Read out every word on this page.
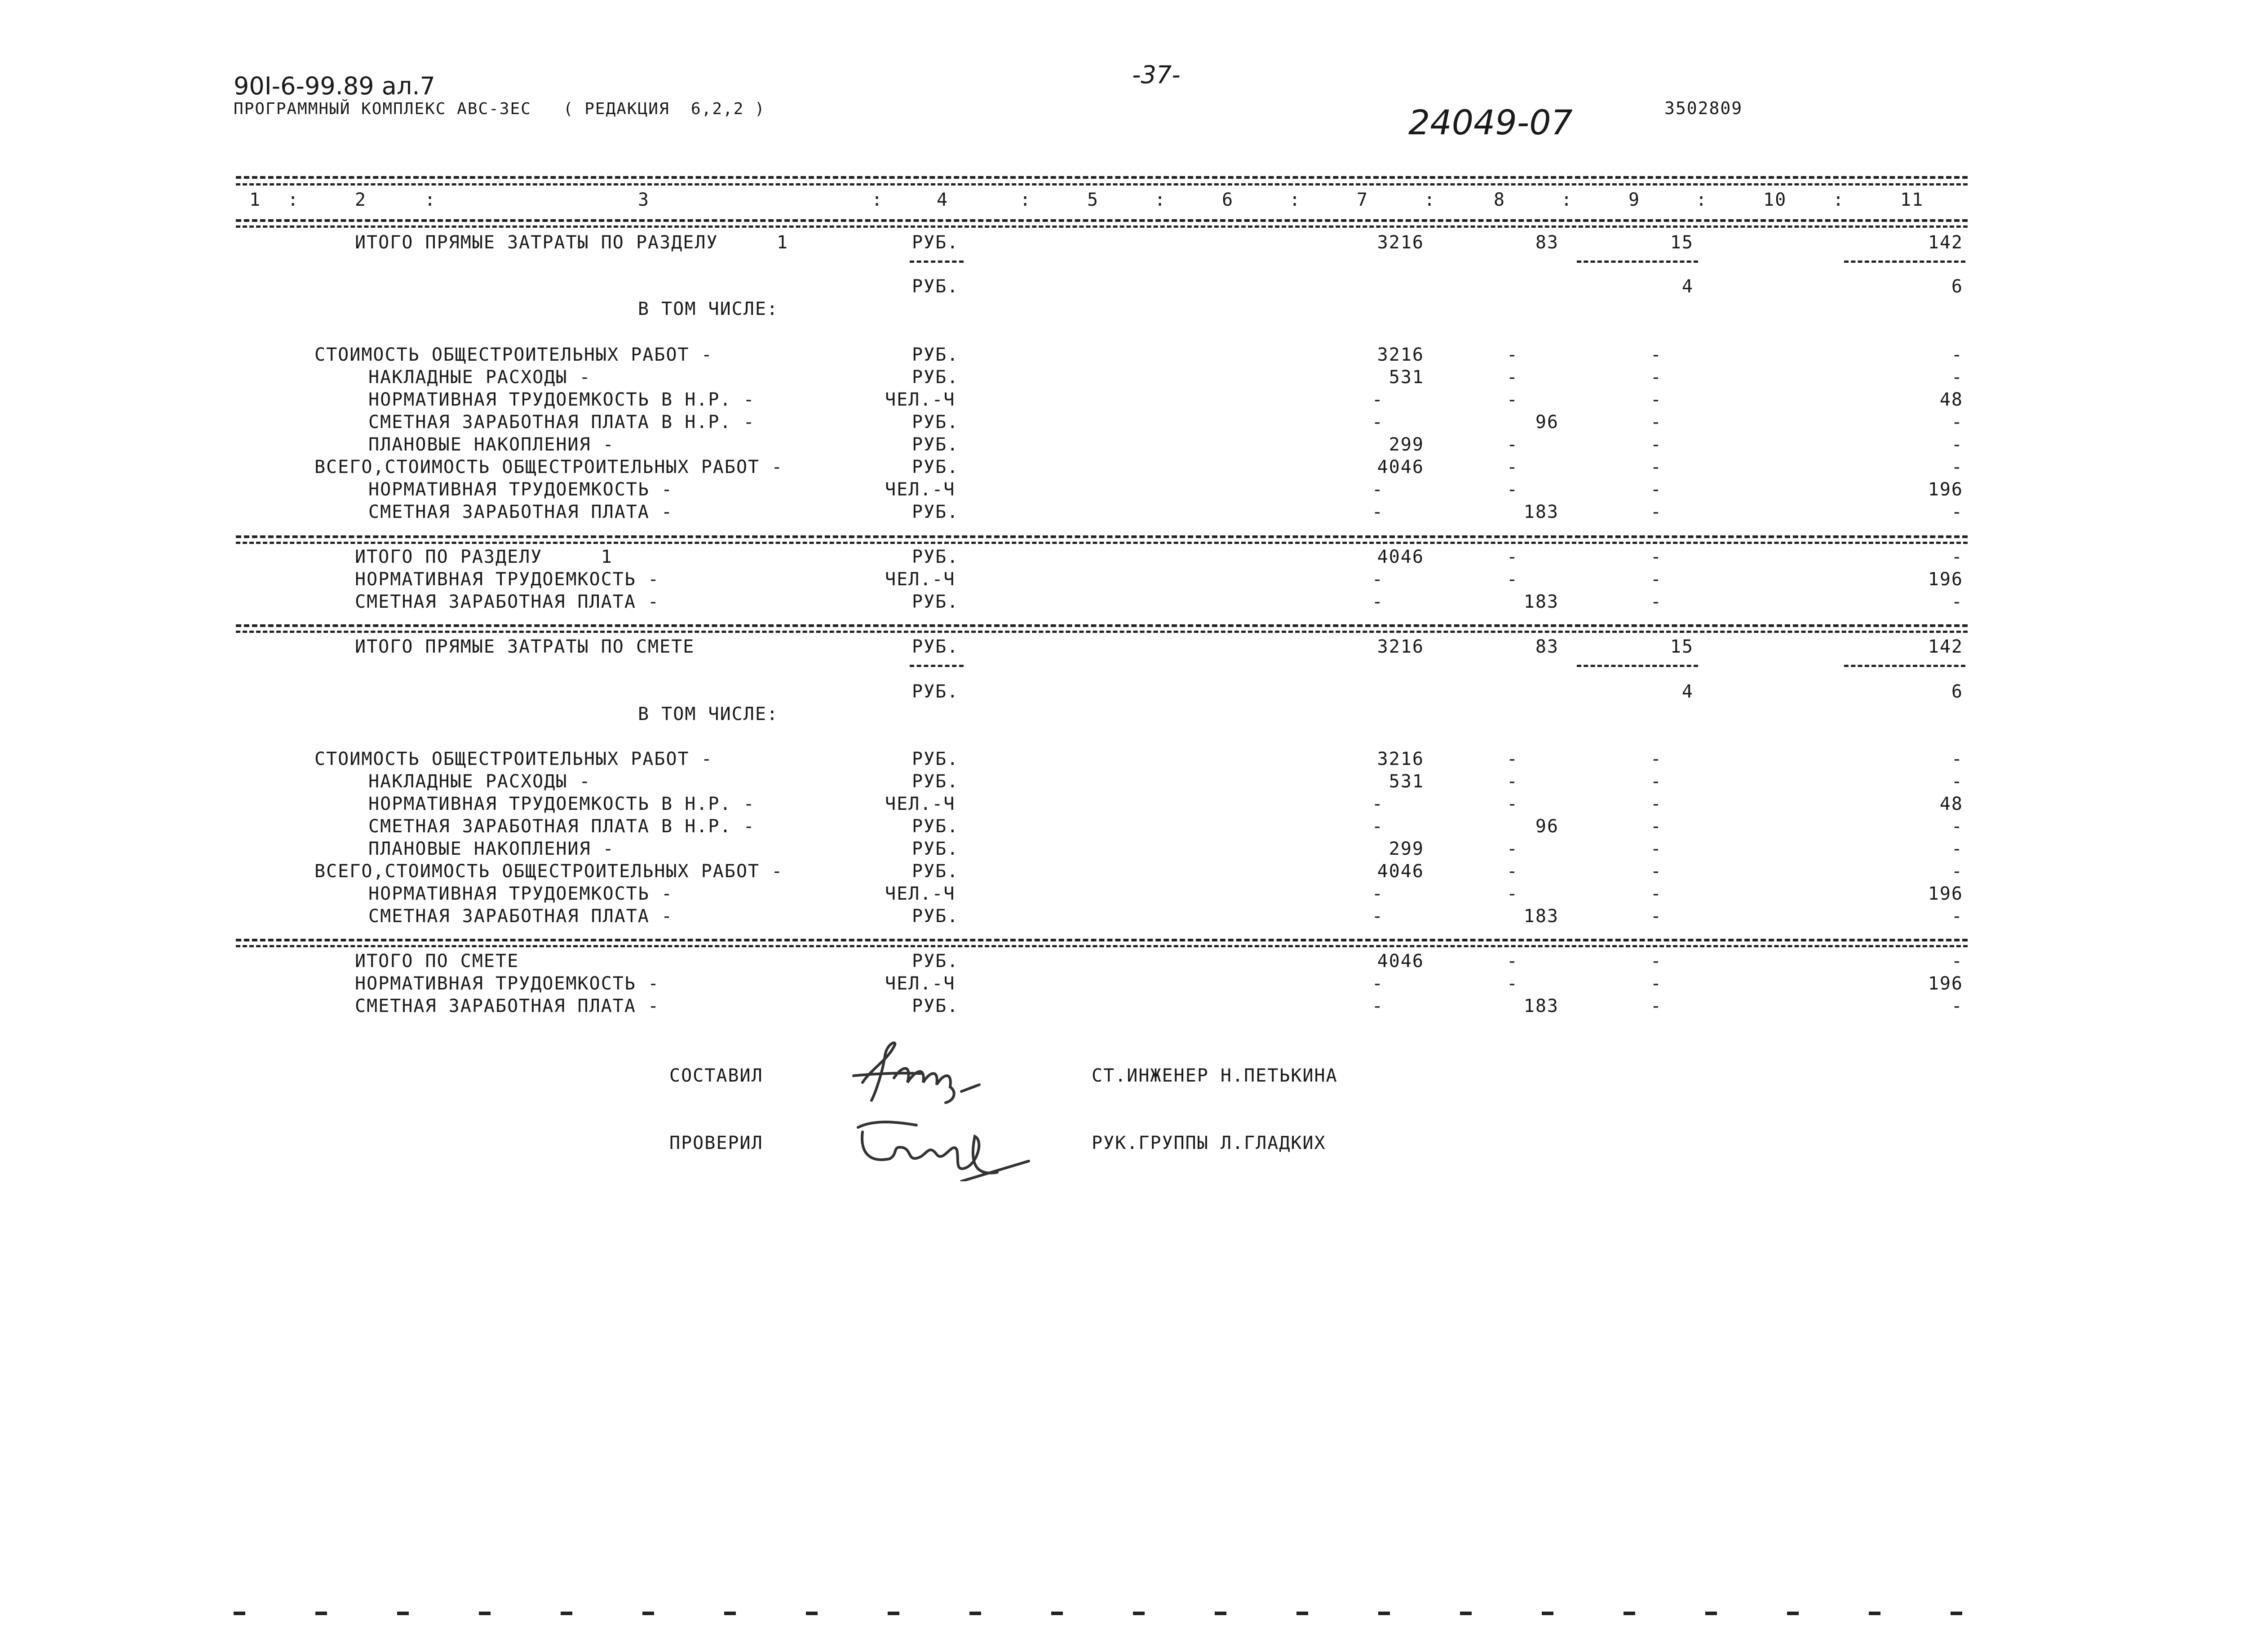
90I-6-99.89 ал.7	-37-
ПРОГРАММНЫЙ КОМПЛЕКС АВС-3ЕС   ( РЕДАКЦИЯ  6,2,2 )	24049-07	3502809
1 :	2	:	3	:	4	:	5	:	6	:	7	:	8	:	9	:	10	:	11
ИТОГО ПРЯМЫЕ ЗАТРАТЫ ПО РАЗДЕЛУ     1	РУБ.	3216	83	15	142
РУБ.	4	6
В ТОМ ЧИСЛЕ:
СТОИМОСТЬ ОБЩЕСТРОИТЕЛЬНЫХ РАБОТ -	РУБ.	3216	-	-	-
НАКЛАДНЫЕ РАСХОДЫ -	РУБ.	531	-	-	-
НОРМАТИВНАЯ ТРУДОЕМКОСТЬ В Н.Р. -	ЧЕЛ.-Ч	-	-	-	48
СМЕТНАЯ ЗАРАБОТНАЯ ПЛАТА В Н.Р. -	РУБ.	-	96	-	-
ПЛАНОВЫЕ НАКОПЛЕНИЯ -	РУБ.	299	-	-	-
ВСЕГО,СТОИМОСТЬ ОБЩЕСТРОИТЕЛЬНЫХ РАБОТ -	РУБ.	4046	-	-	-
НОРМАТИВНАЯ ТРУДОЕМКОСТЬ -	ЧЕЛ.-Ч	-	-	-	196
СМЕТНАЯ ЗАРАБОТНАЯ ПЛАТА -	РУБ.	-	183	-	-
ИТОГО ПО РАЗДЕЛУ     1	РУБ.	4046	-	-	-
НОРМАТИВНАЯ ТРУДОЕМКОСТЬ -	ЧЕЛ.-Ч	-	-	-	196
СМЕТНАЯ ЗАРАБОТНАЯ ПЛАТА -	РУБ.	-	183	-	-
ИТОГО ПРЯМЫЕ ЗАТРАТЫ ПО СМЕТЕ	РУБ.	3216	83	15	142
РУБ.	4	6
В ТОМ ЧИСЛЕ:
СТОИМОСТЬ ОБЩЕСТРОИТЕЛЬНЫХ РАБОТ -	РУБ.	3216	-	-	-
НАКЛАДНЫЕ РАСХОДЫ -	РУБ.	531	-	-	-
НОРМАТИВНАЯ ТРУДОЕМКОСТЬ В Н.Р. -	ЧЕЛ.-Ч	-	-	-	48
СМЕТНАЯ ЗАРАБОТНАЯ ПЛАТА В Н.Р. -	РУБ.	-	96	-	-
ПЛАНОВЫЕ НАКОПЛЕНИЯ -	РУБ.	299	-	-	-
ВСЕГО,СТОИМОСТЬ ОБЩЕСТРОИТЕЛЬНЫХ РАБОТ -	РУБ.	4046	-	-	-
НОРМАТИВНАЯ ТРУДОЕМКОСТЬ -	ЧЕЛ.-Ч	-	-	-	196
СМЕТНАЯ ЗАРАБОТНАЯ ПЛАТА -	РУБ.	-	183	-	-
ИТОГО ПО СМЕТЕ	РУБ.	4046	-	-	-
НОРМАТИВНАЯ ТРУДОЕМКОСТЬ -	ЧЕЛ.-Ч	-	-	-	196
СМЕТНАЯ ЗАРАБОТНАЯ ПЛАТА -	РУБ.	-	183	-	-
СОСТАВИЛ	СТ.ИНЖЕНЕР Н.ПЕТЬКИНА
ПРОВЕРИЛ	РУК.ГРУППЫ Л.ГЛАДКИХ
